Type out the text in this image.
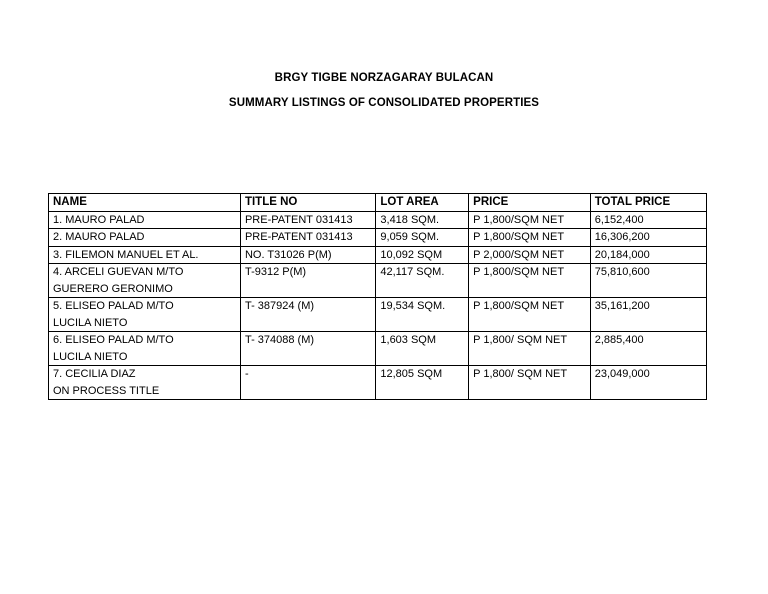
BRGY TIGBE NORZAGARAY BULACAN
SUMMARY LISTINGS OF CONSOLIDATED PROPERTIES
NAME	TITLE NO	LOT AREA	PRICE	TOTAL PRICE

1. MAURO PALAD	PRE-PATENT 031413	3,418 SQM.	P 1,800/SQM NET	6,152,400

2. MAURO PALAD	PRE-PATENT 031413	9,059 SQM.	P 1,800/SQM NET	16,306,200

3. FILEMON MANUEL ET AL.	NO. T31026 P(M)	10,092 SQM	P 2,000/SQM NET	20,184,000

4. ARCELI GUEVAN M/TO
GUERERO GERONIMO	T-9312 P(M)	42,117 SQM.	P 1,800/SQM NET	75,810,600

5. ELISEO PALAD M/TO
LUCILA NIETO	T- 387924 (M)	19,534 SQM.	P 1,800/SQM NET	35,161,200

6. ELISEO PALAD M/TO
LUCILA NIETO	T- 374088 (M)	1,603 SQM	P 1,800/ SQM NET	2,885,400

7. CECILIA DIAZ
ON PROCESS TITLE	-	12,805 SQM	P 1,800/ SQM NET	23,049,000
